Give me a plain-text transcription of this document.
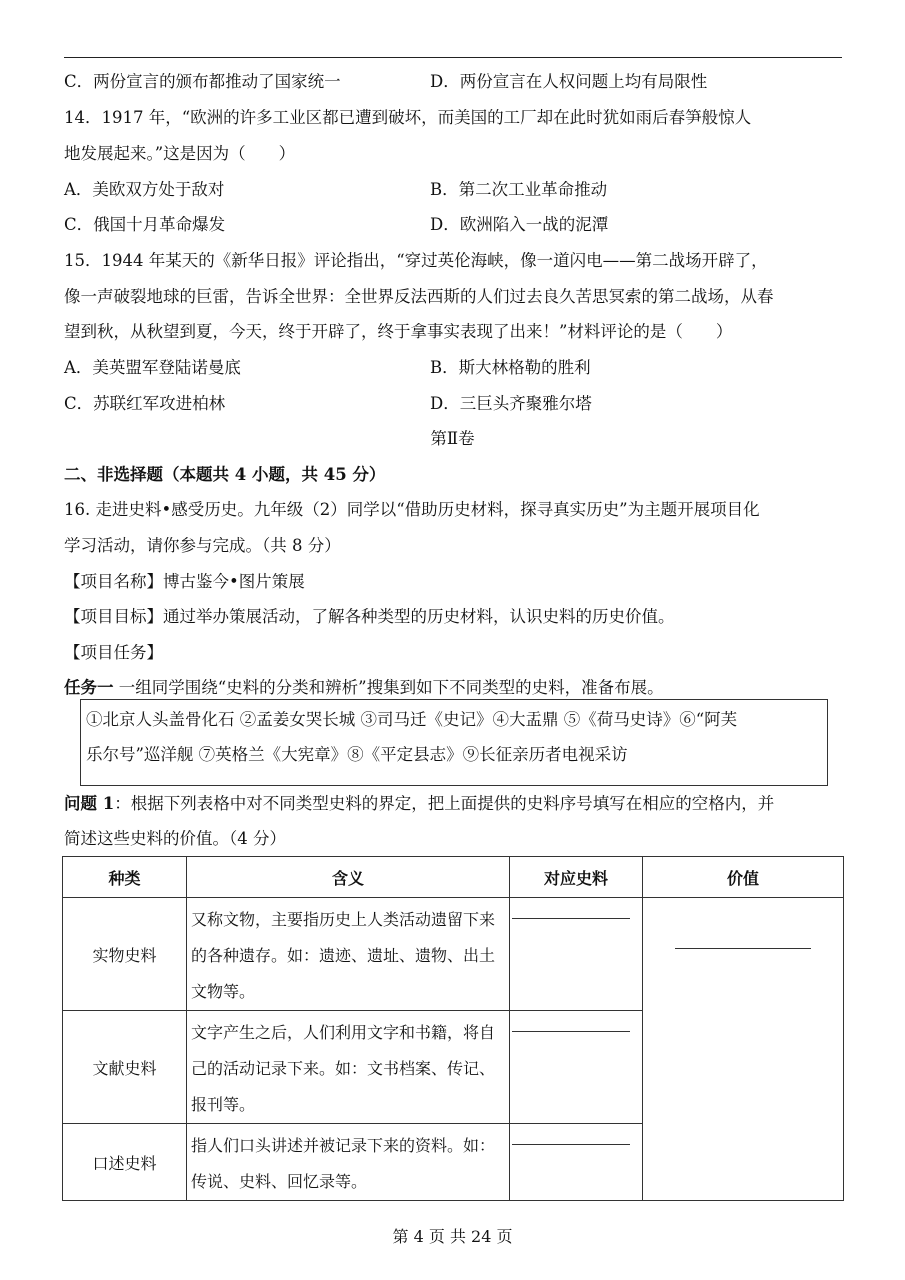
C．两份宣言的颁布都推动了国家统一	D．两份宣言在人权问题上均有局限性
14．1917 年，“欧洲的许多工业区都已遭到破坏，而美国的工厂却在此时犹如雨后春笋般惊人
地发展起来。”这是因为（　　）
A．美欧双方处于敌对	B．第二次工业革命推动
C．俄国十月革命爆发	D．欧洲陷入一战的泥潭
15．1944 年某天的《新华日报》评论指出，“穿过英伦海峡，像一道闪电——第二战场开辟了，
像一声破裂地球的巨雷，告诉全世界：全世界反法西斯的人们过去良久苦思冥索的第二战场，从春
望到秋，从秋望到夏，今天，终于开辟了，终于拿事实表现了出来！”材料评论的是（　　）
A．美英盟军登陆诺曼底	B．斯大林格勒的胜利
C．苏联红军攻进柏林	D．三巨头齐聚雅尔塔
第Ⅱ卷
二、非选择题（本题共 4 小题，共 45 分）
16. 走进史料•感受历史。九年级（2）同学以“借助历史材料，探寻真实历史”为主题开展项目化
学习活动，请你参与完成。（共 8 分）
【项目名称】博古鉴今•图片策展
【项目目标】通过举办策展活动，了解各种类型的历史材料，认识史料的历史价值。
【项目任务】
任务一 一组同学围绕“史料的分类和辨析”搜集到如下不同类型的史料，准备布展。
①北京人头盖骨化石 ②孟姜女哭长城 ③司马迁《史记》④大盂鼎 ⑤《荷马史诗》⑥“阿芙
乐尔号”巡洋舰 ⑦英格兰《大宪章》⑧《平定县志》⑨长征亲历者电视采访
问题 1：根据下列表格中对不同类型史料的界定，把上面提供的史料序号填写在相应的空格内，并
简述这些史料的价值。（4 分）
种类	含义	对应史料	价值
实物史料	又称文物，主要指历史上人类活动遗留下来的各种遗存。如：遗迹、遗址、遗物、出土文物等。	

文献史料	文字产生之后，人们利用文字和书籍，将自己的活动记录下来。如：文书档案、传记、报刊等。		

口述史料	指人们口头讲述并被记录下来的资料。如：传说、史料、回忆录等。		
第 4 页 共 24 页
